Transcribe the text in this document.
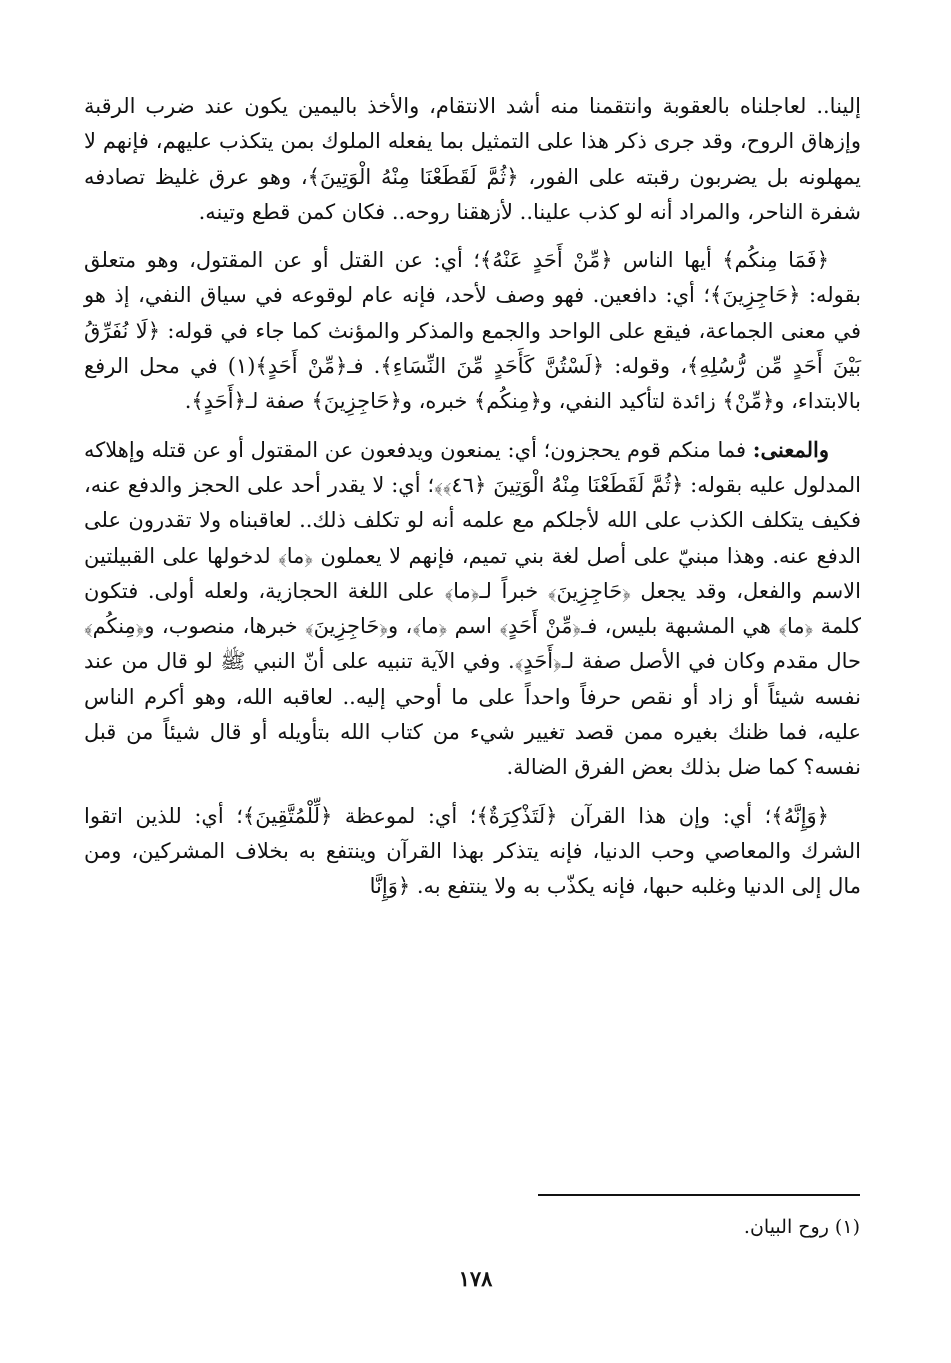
إلينا.. لعاجلناه بالعقوبة وانتقمنا منه أشد الانتقام، والأخذ باليمين يكون عند ضرب الرقبة وإزهاق الروح، وقد جرى ذكر هذا على التمثيل بما يفعله الملوك بمن يتكذب عليهم، فإنهم لا يمهلونه بل يضربون رقبته على الفور، ﴿ثُمَّ لَقَطَعْنَا مِنْهُ الْوَتِينَ﴾، وهو عرق غليظ تصادفه شفرة الناحر، والمراد أنه لو كذب علينا.. لأزهقنا روحه.. فكان كمن قطع وتينه.

﴿فَمَا مِنكُم﴾ أيها الناس ﴿مِّنْ أَحَدٍ عَنْهُ﴾؛ أي: عن القتل أو عن المقتول، وهو متعلق بقوله: ﴿حَاجِزِينَ﴾؛ أي: دافعين. فهو وصف لأحد، فإنه عام لوقوعه في سياق النفي، إذ هو في معنى الجماعة، فيقع على الواحد والجمع والمذكر والمؤنث كما جاء في قوله: ﴿لَا نُفَرِّقُ بَيْنَ أَحَدٍ مِّن رُّسُلِهِ﴾، وقوله: ﴿لَسْتُنَّ كَأَحَدٍ مِّنَ النِّسَاءِ﴾. فـ﴿مِّنْ أَحَدٍ﴾(١) في محل الرفع بالابتداء، و﴿مِّنْ﴾ زائدة لتأكيد النفي، و﴿مِنكُم﴾ خبره، و﴿حَاجِزِينَ﴾ صفة لـ﴿أَحَدٍ﴾.

والمعنى: فما منكم قوم يحجزون؛ أي: يمنعون ويدفعون عن المقتول أو عن قتله وإهلاكه المدلول عليه بقوله: ﴿ثُمَّ لَقَطَعْنَا مِنْهُ الْوَتِينَ ﴿٤٦﴾﴾؛ أي: لا يقدر أحد على الحجز والدفع عنه، فكيف يتكلف الكذب على الله لأجلكم مع علمه أنه لو تكلف ذلك.. لعاقبناه ولا تقدرون على الدفع عنه. وهذا مبنيّ على أصل لغة بني تميم، فإنهم لا يعملون ﴿ما﴾ لدخولها على القبيلتين الاسم والفعل، وقد يجعل ﴿حَاجِزِينَ﴾ خبراً لـ﴿ما﴾ على اللغة الحجازية، ولعله أولى. فتكون كلمة ﴿ما﴾ هي المشبهة بليس، فـ﴿مِّنْ أَحَدٍ﴾ اسم ﴿ما﴾، و﴿حَاجِزِينَ﴾ خبرها، منصوب، و﴿مِنكُم﴾ حال مقدم وكان في الأصل صفة لـ﴿أَحَدٍ﴾. وفي الآية تنبيه على أنّ النبي ﷺ لو قال من عند نفسه شيئاً أو زاد أو نقص حرفاً واحداً على ما أوحي إليه.. لعاقبه الله، وهو أكرم الناس عليه، فما ظنك بغيره ممن قصد تغيير شيء من كتاب الله بتأويله أو قال شيئاً من قبل نفسه؟ كما ضل بذلك بعض الفرق الضالة.

﴿وَإِنَّهُ﴾؛ أي: وإن هذا القرآن ﴿لَتَذْكِرَةٌ﴾؛ أي: لموعظة ﴿لِّلْمُتَّقِينَ﴾؛ أي: للذين اتقوا الشرك والمعاصي وحب الدنيا، فإنه يتذكر بهذا القرآن وينتفع به بخلاف المشركين، ومن مال إلى الدنيا وغلبه حبها، فإنه يكذّب به ولا ينتفع به. ﴿وَإِنَّا

(١) روح البيان.
١٧٨
